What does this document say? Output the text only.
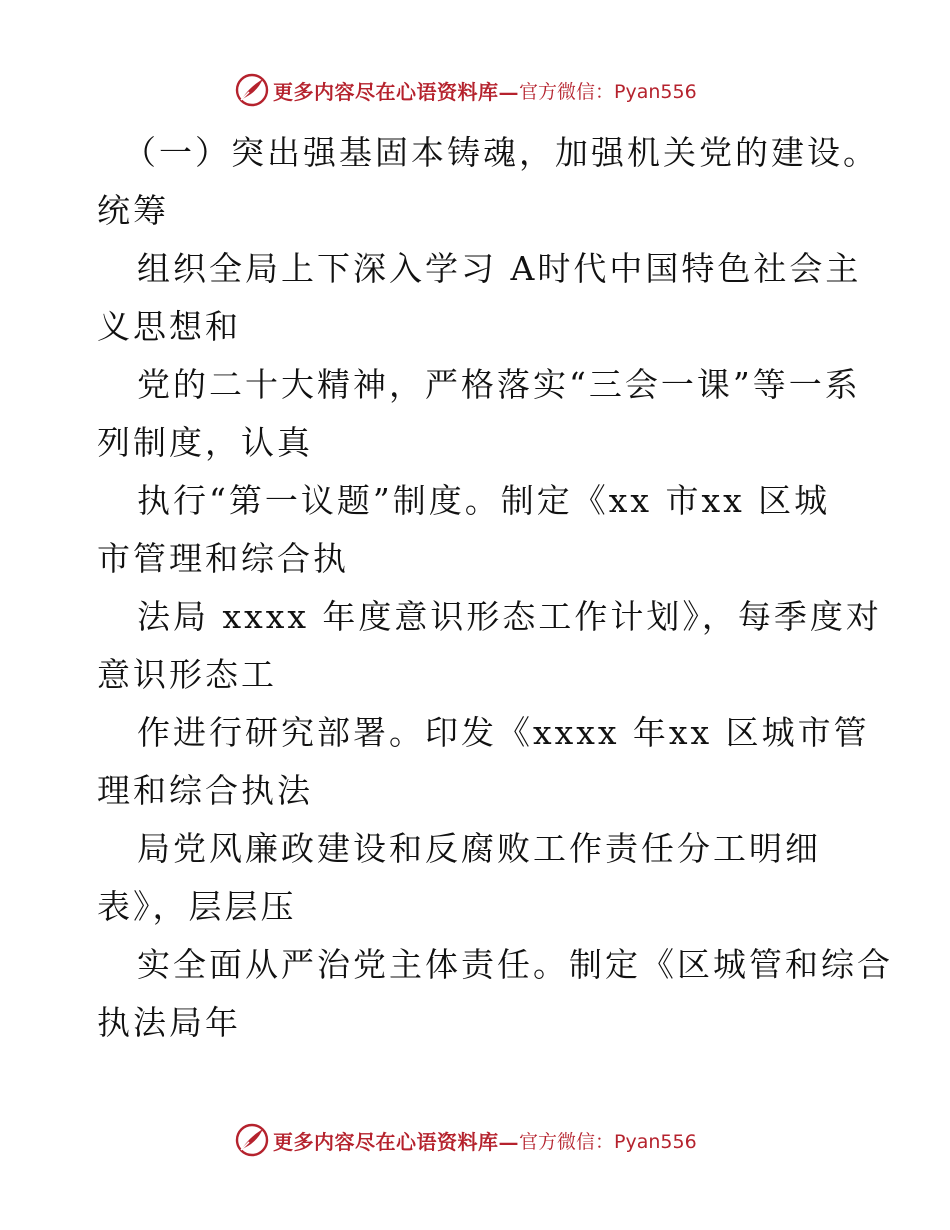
更多内容尽在心语资料库— 官方微信：Pyan556
（一）突出强基固本铸魂，加强机关党的建设。
统筹
组织全局上下深入学习 A时代中国特色社会主
义思想和
党的二十大精神，严格落实“三会一课”等一系
列制度，认真
执行“第一议题”制度。制定《xx 市xx 区城
市管理和综合执
法局 xxxx 年度意识形态工作计划》，每季度对
意识形态工
作进行研究部署。印发《xxxx 年xx 区城市管
理和综合执法
局党风廉政建设和反腐败工作责任分工明细
表》，层层压
实全面从严治党主体责任。制定《区城管和综合
执法局年
更多内容尽在心语资料库— 官方微信：Pyan556
